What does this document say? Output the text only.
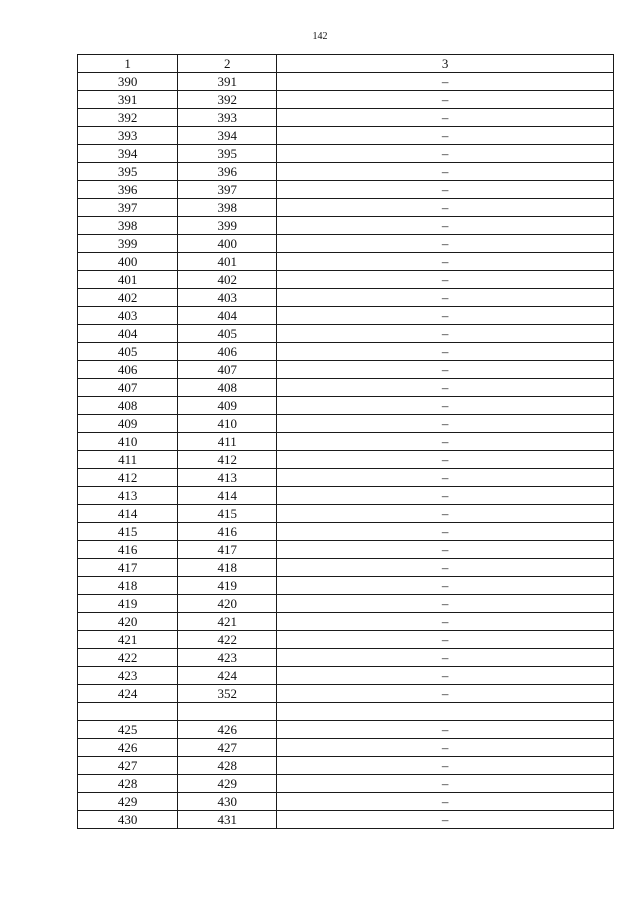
142
1	2	3
390	391	–
391	392	–
392	393	–
393	394	–
394	395	–
395	396	–
396	397	–
397	398	–
398	399	–
399	400	–
400	401	–
401	402	–
402	403	–
403	404	–
404	405	–
405	406	–
406	407	–
407	408	–
408	409	–
409	410	–
410	411	–
411	412	–
412	413	–
413	414	–
414	415	–
415	416	–
416	417	–
417	418	–
418	419	–
419	420	–
420	421	–
421	422	–
422	423	–
423	424	–
424	352	–

425	426	–
426	427	–
427	428	–
428	429	–
429	430	–
430	431	–
